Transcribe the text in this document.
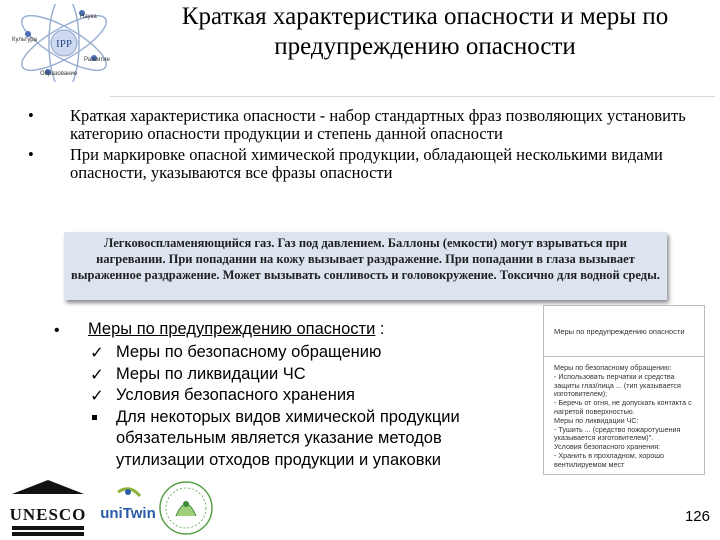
IPP
Наука
Развитие
Культура
Образование
Краткая характеристика опасности и меры по предупреждению опасности
• Краткая характеристика опасности - набор стандартных фраз позволяющих установить категорию опасности продукции и степень данной опасности
• При маркировке опасной химической продукции, обладающей несколькими видами опасности, указываются все фразы опасности

Легковоспламеняющийся газ. Газ под давлением. Баллоны (емкости) могут взрываться при нагревании. При попадании на кожу вызывает раздражение. При попадании в глаза вызывает выраженное раздражение. Может вызывать сонливость и головокружение. Токсично для водной среды.

• Меры по предупреждению опасности :
✓ Меры по безопасному обращению
✓ Меры по ликвидации ЧС
✓ Условия безопасного хранения
Для некоторых видов химической продукции обязательным является указание методов утилизации отходов продукции и упаковки
Меры по предупреждению опасности

Меры по безопасному обращению:
- Использовать перчатки и средства защиты глаз/лица ... (тип указывается изготовителем);
- Беречь от огня, не допускать контакта с нагретой поверхностью.
Меры по ликвидации ЧС:
- Тушить ... (средство пожаротушения указывается изготовителем)".
Условия безопасного хранения:
- Хранить в прохладном, хорошо вентилируемом мест

UNESCO uniTwin	126
